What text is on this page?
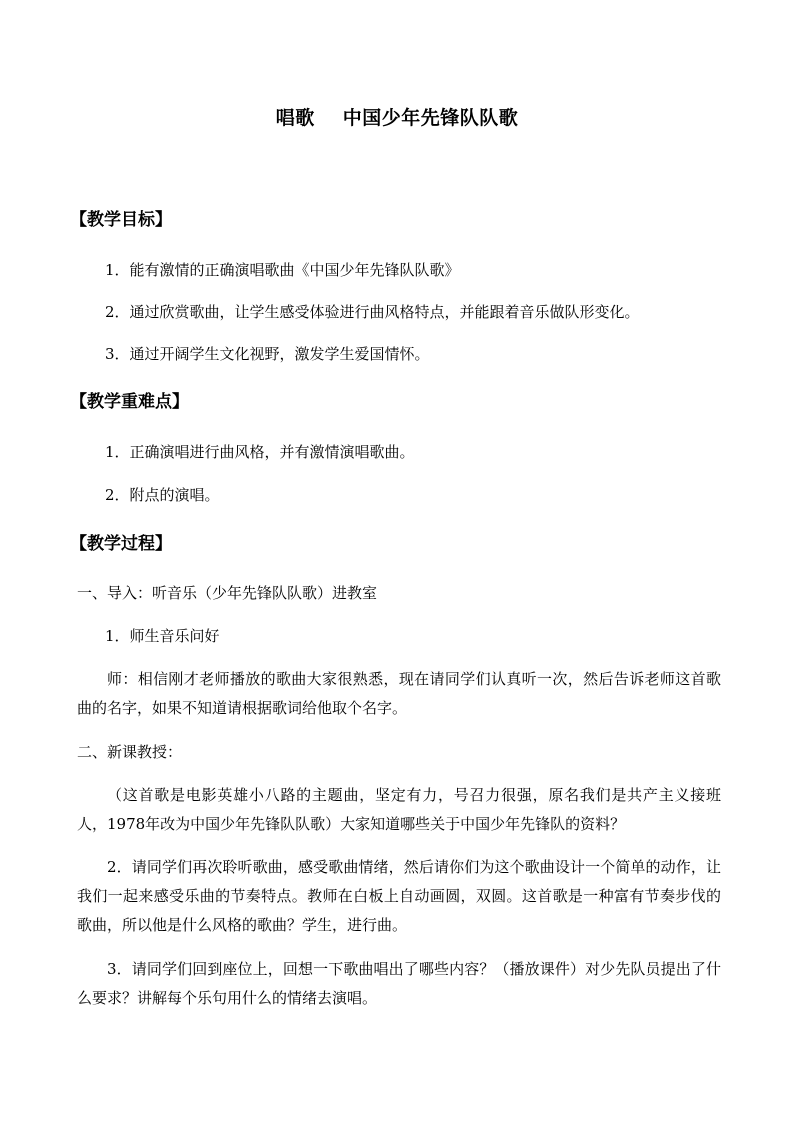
唱歌 中国少年先锋队队歌
【教学目标】
1．能有激情的正确演唱歌曲《中国少年先锋队队歌》
2．通过欣赏歌曲，让学生感受体验进行曲风格特点，并能跟着音乐做队形变化。
3．通过开阔学生文化视野，激发学生爱国情怀。
【教学重难点】
1．正确演唱进行曲风格，并有激情演唱歌曲。
2．附点的演唱。
【教学过程】
一、导入：听音乐（少年先锋队队歌）进教室
1．师生音乐问好
师：相信刚才老师播放的歌曲大家很熟悉，现在请同学们认真听一次，然后告诉老师这首歌曲的名字，如果不知道请根据歌词给他取个名字。
二、新课教授：
（这首歌是电影英雄小八路的主题曲，坚定有力，号召力很强，原名我们是共产主义接班人，1978年改为中国少年先锋队队歌）大家知道哪些关于中国少年先锋队的资料？
2．请同学们再次聆听歌曲，感受歌曲情绪，然后请你们为这个歌曲设计一个简单的动作，让我们一起来感受乐曲的节奏特点。教师在白板上自动画圆，双圆。这首歌是一种富有节奏步伐的歌曲，所以他是什么风格的歌曲？学生，进行曲。
3．请同学们回到座位上，回想一下歌曲唱出了哪些内容？（播放课件）对少先队员提出了什么要求？讲解每个乐句用什么的情绪去演唱。
